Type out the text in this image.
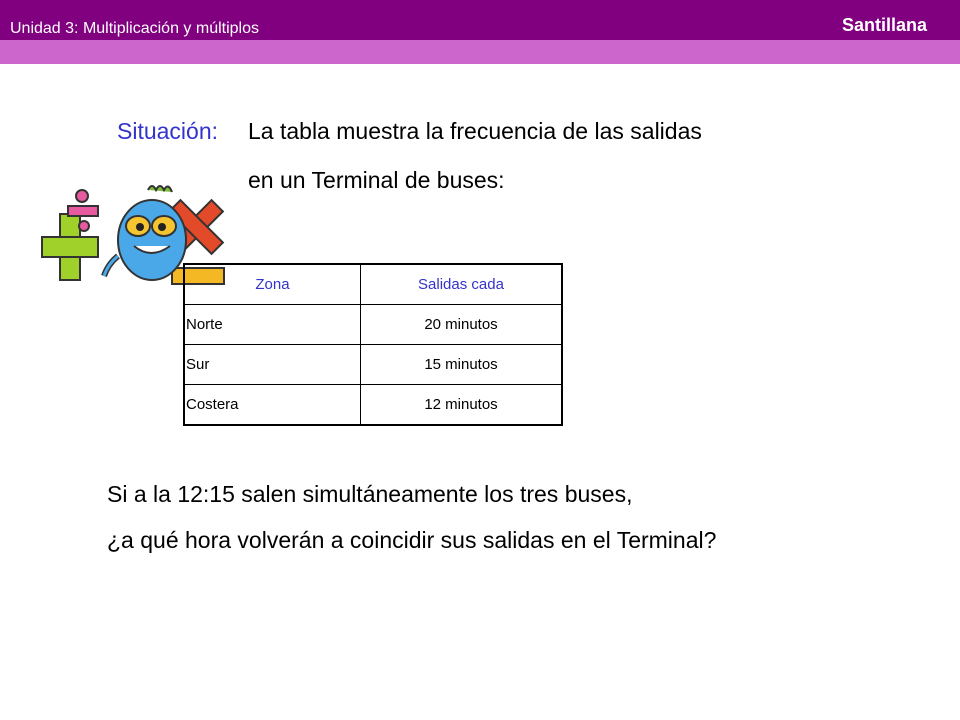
Unidad 3: Multiplicación y múltiplos	Santillana
Situación: La tabla muestra la frecuencia de las salidas
en un Terminal de buses:
Zona	Salidas cada
Norte	20 minutos
Sur	15 minutos
Costera	12 minutos
Si a la 12:15 salen simultáneamente los tres buses,
¿a qué hora volverán a coincidir sus salidas en el Terminal?
